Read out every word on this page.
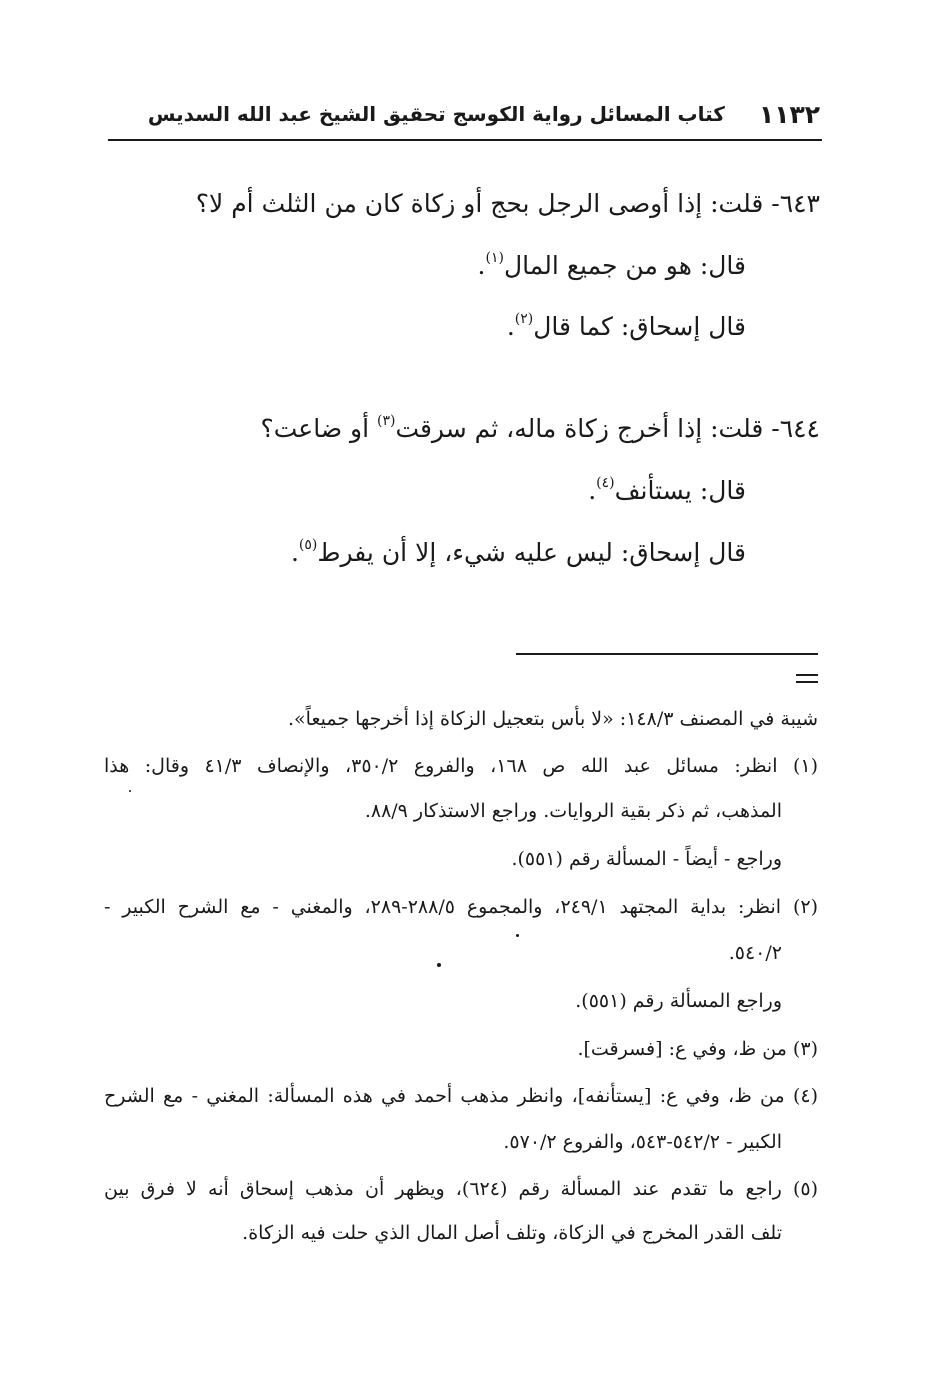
١١٣٢
كتاب المسائل رواية الكوسج تحقيق الشيخ عبد الله السديس
٦٤٣- قلت: إذا أوصى الرجل بحج أو زكاة كان من الثلث أم لا؟
قال: هو من جميع المال$^{(١)}$.
قال إسحاق: كما قال$^{(٢)}$.
٦٤٤- قلت: إذا أخرج زكاة ماله، ثم سرقت$^{(٣)}$ أو ضاعت؟
قال: يستأنف$^{(٤)}$.
قال إسحاق: ليس عليه شيء، إلا أن يفرط$^{(٥)}$.
شيبة في المصنف ١٤٨/٣: «لا بأس بتعجيل الزكاة إذا أخرجها جميعاً».
(١) انظر: مسائل عبد الله ص ١٦٨، والفروع ٣٥٠/٢، والإنصاف ٤١/٣ وقال: هذا
المذهب، ثم ذكر بقية الروايات. وراجع الاستذكار ٨٨/٩.
وراجع - أيضاً - المسألة رقم (٥٥١).
(٢) انظر: بداية المجتهد ٢٤٩/١، والمجموع ٢٨٨/٥-٢٨٩، والمغني - مع الشرح الكبير -
٥٤٠/٢.
وراجع المسألة رقم (٥٥١).
(٣) من ظ، وفي ع: [فسرقت].
(٤) من ظ، وفي ع: [يستأنفه]، وانظر مذهب أحمد في هذه المسألة: المغني - مع الشرح
الكبير - ٥٤٢/٢-٥٤٣، والفروع ٥٧٠/٢.
(٥) راجع ما تقدم عند المسألة رقم (٦٢٤)، ويظهر أن مذهب إسحاق أنه لا فرق بين
تلف القدر المخرج في الزكاة، وتلف أصل المال الذي حلت فيه الزكاة.
